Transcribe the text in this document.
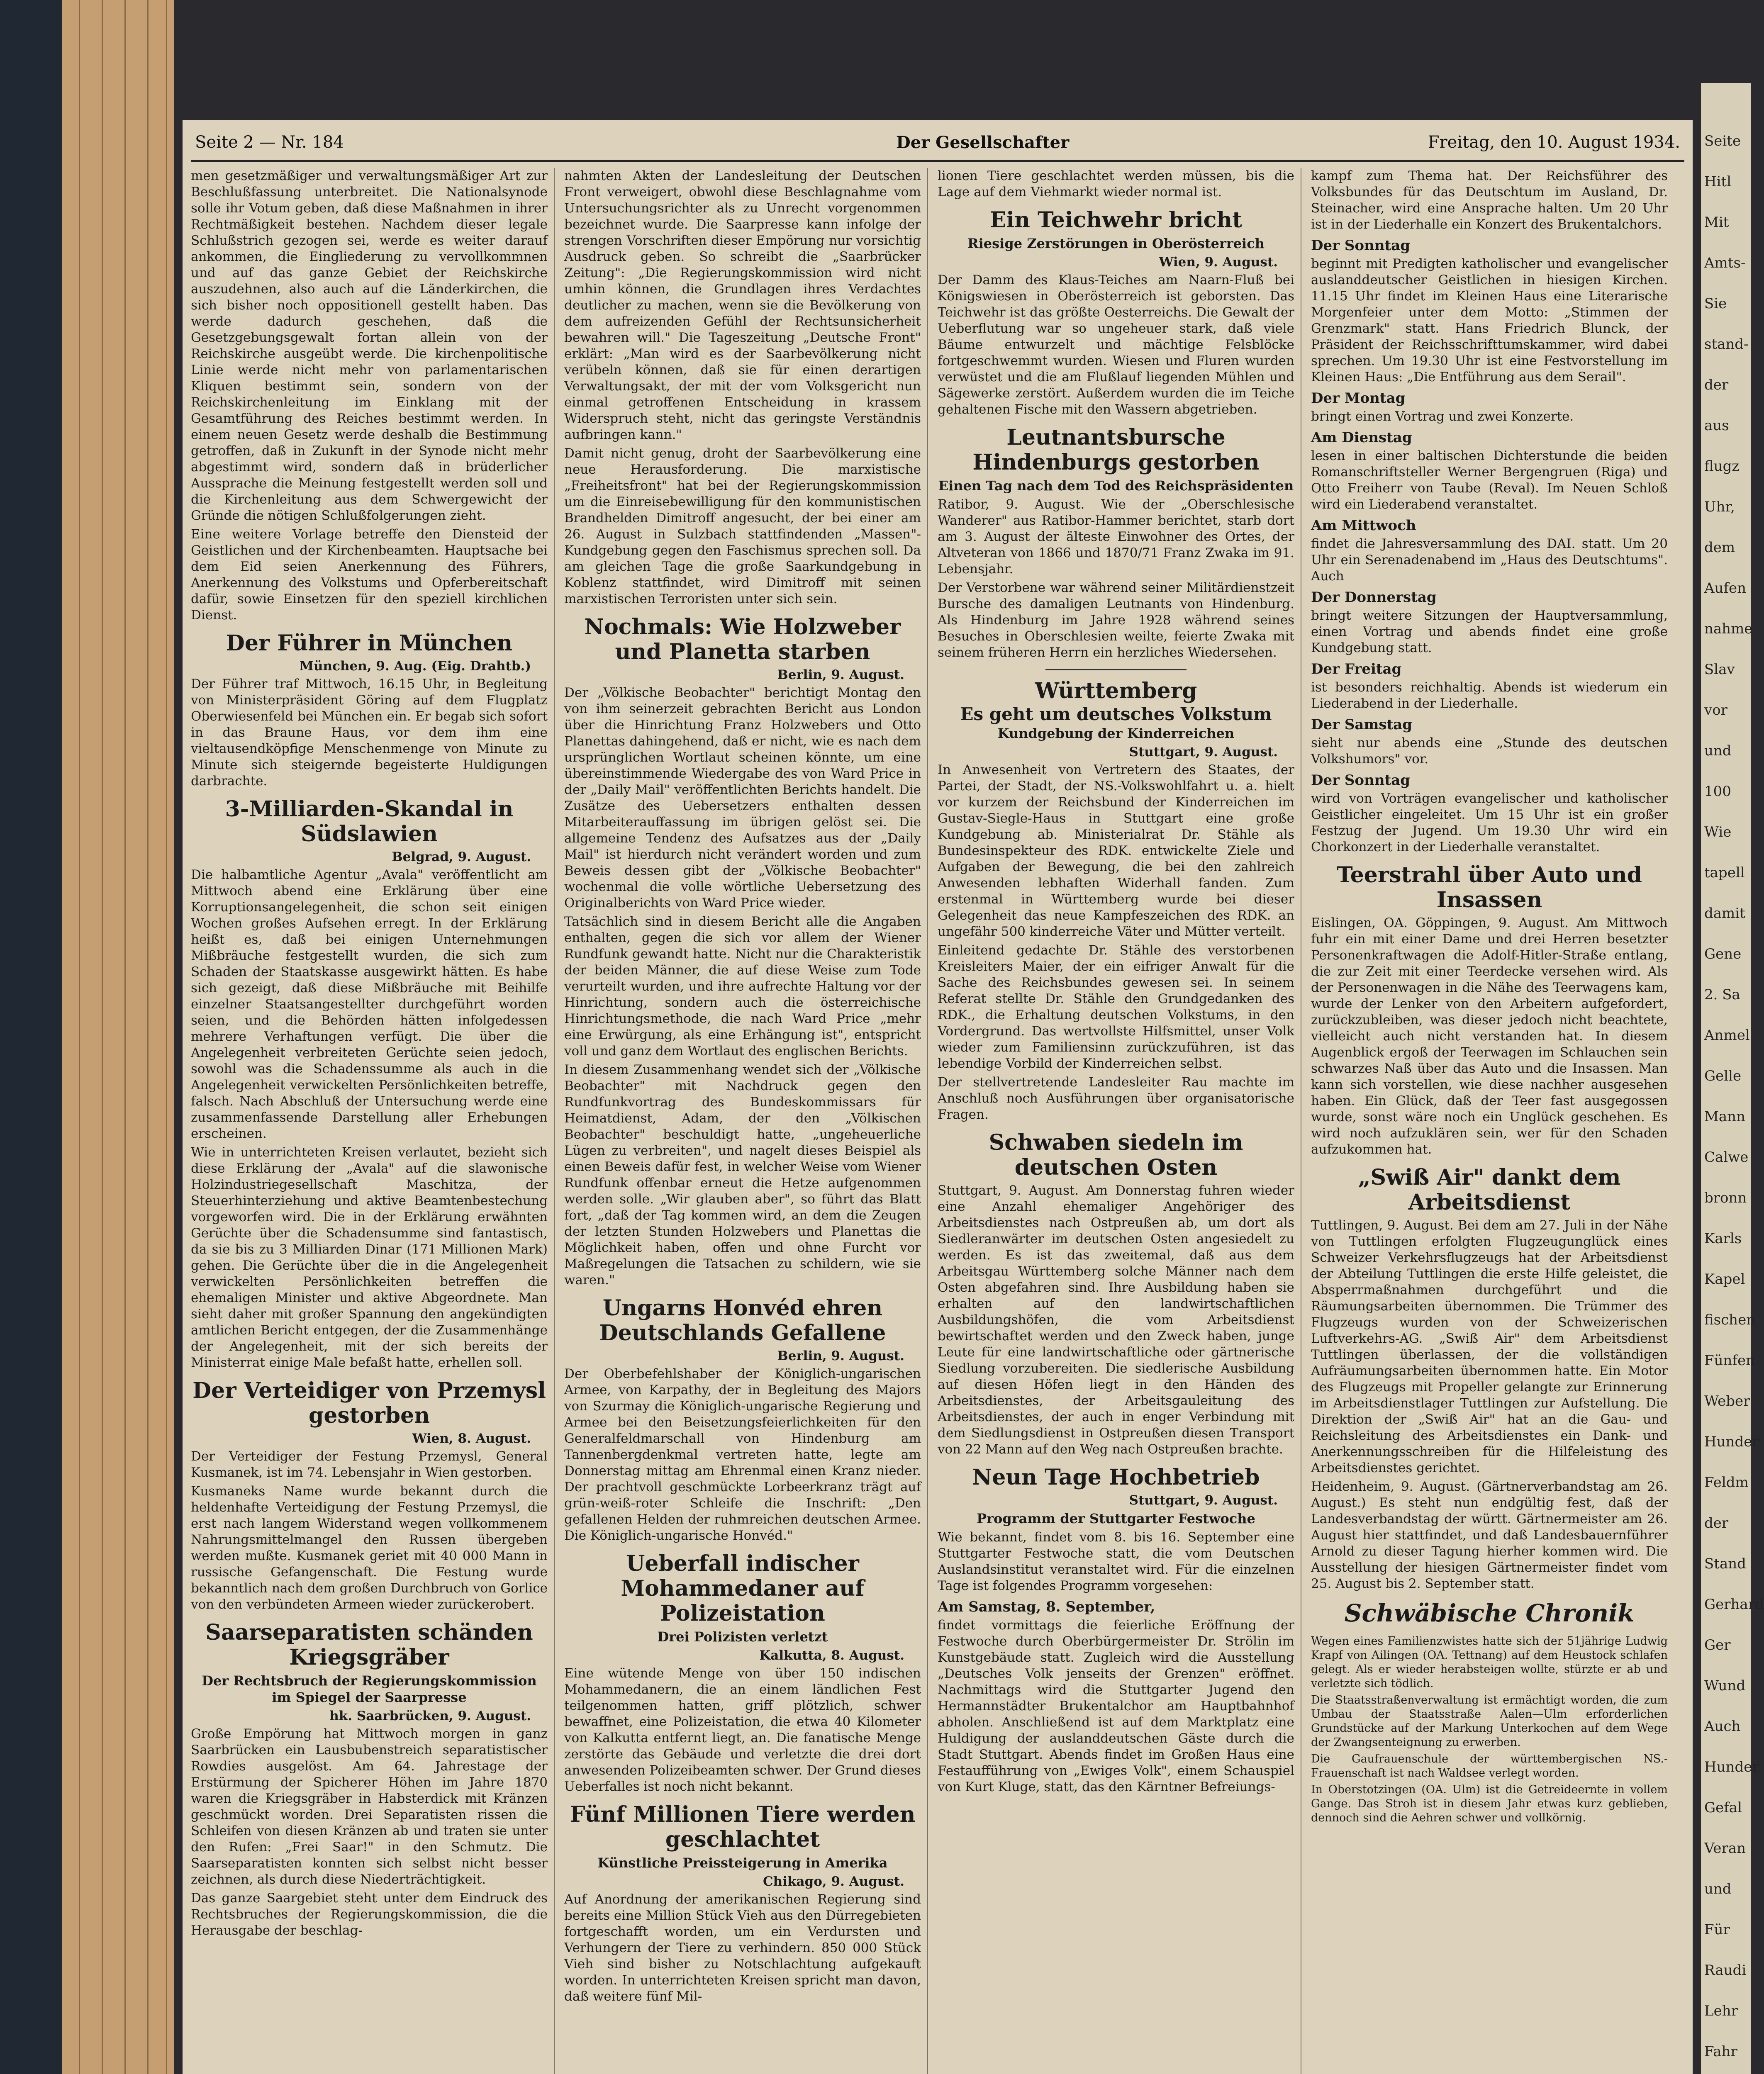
Seite 2 — Nr. 184	Der Gesellschafter	Freitag, den 10. August 1934.

men gesetzmäßiger und verwaltungsmäßiger Art zur Beschlußfassung unterbreitet. Die Nationalsynode solle ihr Votum geben, daß diese Maßnahmen in ihrer Rechtmäßigkeit bestehen. Nachdem dieser legale Schlußstrich gezogen sei, werde es weiter darauf ankommen, die Eingliederung zu vervollkommnen und auf das ganze Gebiet der Reichskirche auszudehnen, also auch auf die Länderkirchen, die sich bisher noch oppositionell gestellt haben. Das werde dadurch geschehen, daß die Gesetzgebungsgewalt fortan allein von der Reichskirche ausgeübt werde. Die kirchenpolitische Linie werde nicht mehr von parlamentarischen Kliquen bestimmt sein, sondern von der Reichskirchenleitung im Einklang mit der Gesamtführung des Reiches bestimmt werden. In einem neuen Gesetz werde deshalb die Bestimmung getroffen, daß in Zukunft in der Synode nicht mehr abgestimmt wird, sondern daß in brüderlicher Aussprache die Meinung festgestellt werden soll und die Kirchenleitung aus dem Schwergewicht der Gründe die nötigen Schlußfolgerungen zieht.

Eine weitere Vorlage betreffe den Diensteid der Geistlichen und der Kirchenbeamten. Hauptsache bei dem Eid seien Anerkennung des Führers, Anerkennung des Volkstums und Opferbereitschaft dafür, sowie Einsetzen für den speziell kirchlichen Dienst.

Der Führer in München
München, 9. Aug. (Eig. Drahtb.)

Der Führer traf Mittwoch, 16.15 Uhr, in Begleitung von Ministerpräsident Göring auf dem Flugplatz Oberwiesenfeld bei München ein. Er begab sich sofort in das Braune Haus, vor dem ihm eine vieltausendköpfige Menschenmenge von Minute zu Minute sich steigernde begeisterte Huldigungen darbrachte.

3-Milliarden-Skandal in Südslawien
Belgrad, 9. August.

Die halbamtliche Agentur „Avala" veröffentlicht am Mittwoch abend eine Erklärung über eine Korruptionsangelegenheit, die schon seit einigen Wochen großes Aufsehen erregt. In der Erklärung heißt es, daß bei einigen Unternehmungen Mißbräuche festgestellt wurden, die sich zum Schaden der Staatskasse ausgewirkt hätten. Es habe sich gezeigt, daß diese Mißbräuche mit Beihilfe einzelner Staatsangestellter durchgeführt worden seien, und die Behörden hätten infolgedessen mehrere Verhaftungen verfügt. Die über die Angelegenheit verbreiteten Gerüchte seien jedoch, sowohl was die Schadenssumme als auch in die Angelegenheit verwickelten Persönlichkeiten betreffe, falsch. Nach Abschluß der Untersuchung werde eine zusammenfassende Darstellung aller Erhebungen erscheinen.

Wie in unterrichteten Kreisen verlautet, bezieht sich diese Erklärung der „Avala" auf die slawonische Holzindustriegesellschaft Maschitza, der Steuerhinterziehung und aktive Beamtenbestechung vorgeworfen wird. Die in der Erklärung erwähnten Gerüchte über die Schadensumme sind fantastisch, da sie bis zu 3 Milliarden Dinar (171 Millionen Mark) gehen. Die Gerüchte über die in die Angelegenheit verwickelten Persönlichkeiten betreffen die ehemaligen Minister und aktive Abgeordnete. Man sieht daher mit großer Spannung den angekündigten amtlichen Bericht entgegen, der die Zusammenhänge der Angelegenheit, mit der sich bereits der Ministerrat einige Male befaßt hatte, erhellen soll.

Der Verteidiger von Przemysl gestorben
Wien, 8. August.

Der Verteidiger der Festung Przemysl, General Kusmanek, ist im 74. Lebensjahr in Wien gestorben.

Kusmaneks Name wurde bekannt durch die heldenhafte Verteidigung der Festung Przemysl, die erst nach langem Widerstand wegen vollkommenem Nahrungsmittelmangel den Russen übergeben werden mußte. Kusmanek geriet mit 40 000 Mann in russische Gefangenschaft. Die Festung wurde bekanntlich nach dem großen Durchbruch von Gorlice von den verbündeten Armeen wieder zurückerobert.

Saarseparatisten schänden Kriegsgräber
Der Rechtsbruch der Regierungskommission im Spiegel der Saarpresse
hk. Saarbrücken, 9. August.

Große Empörung hat Mittwoch morgen in ganz Saarbrücken ein Lausbubenstreich separatistischer Rowdies ausgelöst. Am 64. Jahrestage der Erstürmung der Spicherer Höhen im Jahre 1870 waren die Kriegsgräber in Habsterdick mit Kränzen geschmückt worden. Drei Separatisten rissen die Schleifen von diesen Kränzen ab und traten sie unter den Rufen: „Frei Saar!" in den Schmutz. Die Saarseparatisten konnten sich selbst nicht besser zeichnen, als durch diese Niederträchtigkeit.

Das ganze Saargebiet steht unter dem Eindruck des Rechtsbruches der Regierungskommission, die die Herausgabe der beschlag-

nahmten Akten der Landesleitung der Deutschen Front verweigert, obwohl diese Beschlagnahme vom Untersuchungsrichter als zu Unrecht vorgenommen bezeichnet wurde. Die Saarpresse kann infolge der strengen Vorschriften dieser Empörung nur vorsichtig Ausdruck geben. So schreibt die „Saarbrücker Zeitung": „Die Regierungskommission wird nicht umhin können, die Grundlagen ihres Verdachtes deutlicher zu machen, wenn sie die Bevölkerung von dem aufreizenden Gefühl der Rechtsunsicherheit bewahren will." Die Tageszeitung „Deutsche Front" erklärt: „Man wird es der Saarbevölkerung nicht verübeln können, daß sie für einen derartigen Verwaltungsakt, der mit der vom Volksgericht nun einmal getroffenen Entscheidung in krassem Widerspruch steht, nicht das geringste Verständnis aufbringen kann."

Damit nicht genug, droht der Saarbevölkerung eine neue Herausforderung. Die marxistische „Freiheitsfront" hat bei der Regierungskommission um die Einreisebewilligung für den kommunistischen Brandhelden Dimitroff angesucht, der bei einer am 26. August in Sulzbach stattfindenden „Massen"-Kundgebung gegen den Faschismus sprechen soll. Da am gleichen Tage die große Saarkundgebung in Koblenz stattfindet, wird Dimitroff mit seinen marxistischen Terroristen unter sich sein.

Nochmals: Wie Holzweber und Planetta starben
Berlin, 9. August.

Der „Völkische Beobachter" berichtigt Montag den von ihm seinerzeit gebrachten Bericht aus London über die Hinrichtung Franz Holzwebers und Otto Planettas dahingehend, daß er nicht, wie es nach dem ursprünglichen Wortlaut scheinen könnte, um eine übereinstimmende Wiedergabe des von Ward Price in der „Daily Mail" veröffentlichten Berichts handelt. Die Zusätze des Uebersetzers enthalten dessen Mitarbeiterauffassung im übrigen gelöst sei. Die allgemeine Tendenz des Aufsatzes aus der „Daily Mail" ist hierdurch nicht verändert worden und zum Beweis dessen gibt der „Völkische Beobachter" wochenmal die volle wörtliche Uebersetzung des Originalberichts von Ward Price wieder.

Tatsächlich sind in diesem Bericht alle die Angaben enthalten, gegen die sich vor allem der Wiener Rundfunk gewandt hatte. Nicht nur die Charakteristik der beiden Männer, die auf diese Weise zum Tode verurteilt wurden, und ihre aufrechte Haltung vor der Hinrichtung, sondern auch die österreichische Hinrichtungsmethode, die nach Ward Price „mehr eine Erwürgung, als eine Erhängung ist", entspricht voll und ganz dem Wortlaut des englischen Berichts.

In diesem Zusammenhang wendet sich der „Völkische Beobachter" mit Nachdruck gegen den Rundfunkvortrag des Bundeskommissars für Heimatdienst, Adam, der den „Völkischen Beobachter" beschuldigt hatte, „ungeheuerliche Lügen zu verbreiten", und nagelt dieses Beispiel als einen Beweis dafür fest, in welcher Weise vom Wiener Rundfunk offenbar erneut die Hetze aufgenommen werden solle. „Wir glauben aber", so führt das Blatt fort, „daß der Tag kommen wird, an dem die Zeugen der letzten Stunden Holzwebers und Planettas die Möglichkeit haben, offen und ohne Furcht vor Maßregelungen die Tatsachen zu schildern, wie sie waren."

Ungarns Honvéd ehren Deutschlands Gefallene
Berlin, 9. August.

Der Oberbefehlshaber der Königlich-ungarischen Armee, von Karpathy, der in Begleitung des Majors von Szurmay die Königlich-ungarische Regierung und Armee bei den Beisetzungsfeierlichkeiten für den Generalfeldmarschall von Hindenburg am Tannenbergdenkmal vertreten hatte, legte am Donnerstag mittag am Ehrenmal einen Kranz nieder. Der prachtvoll geschmückte Lorbeerkranz trägt auf grün-weiß-roter Schleife die Inschrift: „Den gefallenen Helden der ruhmreichen deutschen Armee. Die Königlich-ungarische Honvéd."

Ueberfall indischer Mohammedaner auf Polizeistation
Drei Polizisten verletzt
Kalkutta, 8. August.

Eine wütende Menge von über 150 indischen Mohammedanern, die an einem ländlichen Fest teilgenommen hatten, griff plötzlich, schwer bewaffnet, eine Polizeistation, die etwa 40 Kilometer von Kalkutta entfernt liegt, an. Die fanatische Menge zerstörte das Gebäude und verletzte die drei dort anwesenden Polizeibeamten schwer. Der Grund dieses Ueberfalles ist noch nicht bekannt.

Fünf Millionen Tiere werden geschlachtet
Künstliche Preissteigerung in Amerika
Chikago, 9. August.

Auf Anordnung der amerikanischen Regierung sind bereits eine Million Stück Vieh aus den Dürregebieten fortgeschafft worden, um ein Verdursten und Verhungern der Tiere zu verhindern. 850 000 Stück Vieh sind bisher zu Notschlachtung aufgekauft worden. In unterrichteten Kreisen spricht man davon, daß weitere fünf Mil-

lionen Tiere geschlachtet werden müssen, bis die Lage auf dem Viehmarkt wieder normal ist.

Ein Teichwehr bricht
Riesige Zerstörungen in Oberösterreich
Wien, 9. August.

Der Damm des Klaus-Teiches am Naarn-Fluß bei Königswiesen in Oberösterreich ist geborsten. Das Teichwehr ist das größte Oesterreichs. Die Gewalt der Ueberflutung war so ungeheuer stark, daß viele Bäume entwurzelt und mächtige Felsblöcke fortgeschwemmt wurden. Wiesen und Fluren wurden verwüstet und die am Flußlauf liegenden Mühlen und Sägewerke zerstört. Außerdem wurden die im Teiche gehaltenen Fische mit den Wassern abgetrieben.

Leutnantsbursche Hindenburgs gestorben
Einen Tag nach dem Tod des Reichspräsidenten

Ratibor, 9. August. Wie der „Oberschlesische Wanderer" aus Ratibor-Hammer berichtet, starb dort am 3. August der älteste Einwohner des Ortes, der Altveteran von 1866 und 1870/71 Franz Zwaka im 91. Lebensjahr.

Der Verstorbene war während seiner Militärdienstzeit Bursche des damaligen Leutnants von Hindenburg. Als Hindenburg im Jahre 1928 während seines Besuches in Oberschlesien weilte, feierte Zwaka mit seinem früheren Herrn ein herzliches Wiedersehen.

Württemberg
Es geht um deutsches Volkstum
Kundgebung der Kinderreichen
Stuttgart, 9. August.

In Anwesenheit von Vertretern des Staates, der Partei, der Stadt, der NS.-Volkswohlfahrt u. a. hielt vor kurzem der Reichsbund der Kinderreichen im Gustav-Siegle-Haus in Stuttgart eine große Kundgebung ab. Ministerialrat Dr. Stähle als Bundesinspekteur des RDK. entwickelte Ziele und Aufgaben der Bewegung, die bei den zahlreich Anwesenden lebhaften Widerhall fanden. Zum erstenmal in Württemberg wurde bei dieser Gelegenheit das neue Kampfeszeichen des RDK. an ungefähr 500 kinderreiche Väter und Mütter verteilt.

Einleitend gedachte Dr. Stähle des verstorbenen Kreisleiters Maier, der ein eifriger Anwalt für die Sache des Reichsbundes gewesen sei. In seinem Referat stellte Dr. Stähle den Grundgedanken des RDK., die Erhaltung deutschen Volkstums, in den Vordergrund. Das wertvollste Hilfsmittel, unser Volk wieder zum Familiensinn zurückzuführen, ist das lebendige Vorbild der Kinderreichen selbst.

Der stellvertretende Landesleiter Rau machte im Anschluß noch Ausführungen über organisatorische Fragen.

Schwaben siedeln im deutschen Osten

Stuttgart, 9. August. Am Donnerstag fuhren wieder eine Anzahl ehemaliger Angehöriger des Arbeitsdienstes nach Ostpreußen ab, um dort als Siedleranwärter im deutschen Osten angesiedelt zu werden. Es ist das zweitemal, daß aus dem Arbeitsgau Württemberg solche Männer nach dem Osten abgefahren sind. Ihre Ausbildung haben sie erhalten auf den landwirtschaftlichen Ausbildungshöfen, die vom Arbeitsdienst bewirtschaftet werden und den Zweck haben, junge Leute für eine landwirtschaftliche oder gärtnerische Siedlung vorzubereiten. Die siedlerische Ausbildung auf diesen Höfen liegt in den Händen des Arbeitsdienstes, der Arbeitsgauleitung des Arbeitsdienstes, der auch in enger Verbindung mit dem Siedlungsdienst in Ostpreußen diesen Transport von 22 Mann auf den Weg nach Ostpreußen brachte.

Neun Tage Hochbetrieb
Stuttgart, 9. August.
Programm der Stuttgarter Festwoche

Wie bekannt, findet vom 8. bis 16. September eine Stuttgarter Festwoche statt, die vom Deutschen Auslandsinstitut veranstaltet wird. Für die einzelnen Tage ist folgendes Programm vorgesehen:

Am Samstag, 8. September,

findet vormittags die feierliche Eröffnung der Festwoche durch Oberbürgermeister Dr. Strölin im Kunstgebäude statt. Zugleich wird die Ausstellung „Deutsches Volk jenseits der Grenzen" eröffnet. Nachmittags wird die Stuttgarter Jugend den Hermannstädter Brukentalchor am Hauptbahnhof abholen. Anschließend ist auf dem Marktplatz eine Huldigung der auslanddeutschen Gäste durch die Stadt Stuttgart. Abends findet im Großen Haus eine Festaufführung von „Ewiges Volk", einem Schauspiel von Kurt Kluge, statt, das den Kärntner Befreiungs-

kampf zum Thema hat. Der Reichsführer des Volksbundes für das Deutschtum im Ausland, Dr. Steinacher, wird eine Ansprache halten. Um 20 Uhr ist in der Liederhalle ein Konzert des Brukentalchors.

Der Sonntag

beginnt mit Predigten katholischer und evangelischer auslanddeutscher Geistlichen in hiesigen Kirchen. 11.15 Uhr findet im Kleinen Haus eine Literarische Morgenfeier unter dem Motto: „Stimmen der Grenzmark" statt. Hans Friedrich Blunck, der Präsident der Reichsschrifttumskammer, wird dabei sprechen. Um 19.30 Uhr ist eine Festvorstellung im Kleinen Haus: „Die Entführung aus dem Serail".

Der Montag

bringt einen Vortrag und zwei Konzerte.

Am Dienstag

lesen in einer baltischen Dichterstunde die beiden Romanschriftsteller Werner Bergengruen (Riga) und Otto Freiherr von Taube (Reval). Im Neuen Schloß wird ein Liederabend veranstaltet.

Am Mittwoch

findet die Jahresversammlung des DAI. statt. Um 20 Uhr ein Serenadenabend im „Haus des Deutschtums". Auch

Der Donnerstag

bringt weitere Sitzungen der Hauptversammlung, einen Vortrag und abends findet eine große Kundgebung statt.

Der Freitag

ist besonders reichhaltig. Abends ist wiederum ein Liederabend in der Liederhalle.

Der Samstag

sieht nur abends eine „Stunde des deutschen Volkshumors" vor.

Der Sonntag

wird von Vorträgen evangelischer und katholischer Geistlicher eingeleitet. Um 15 Uhr ist ein großer Festzug der Jugend. Um 19.30 Uhr wird ein Chorkonzert in der Liederhalle veranstaltet.

Teerstrahl über Auto und Insassen

Eislingen, OA. Göppingen, 9. August. Am Mittwoch fuhr ein mit einer Dame und drei Herren besetzter Personenkraftwagen die Adolf-Hitler-Straße entlang, die zur Zeit mit einer Teerdecke versehen wird. Als der Personenwagen in die Nähe des Teerwagens kam, wurde der Lenker von den Arbeitern aufgefordert, zurückzubleiben, was dieser jedoch nicht beachtete, vielleicht auch nicht verstanden hat. In diesem Augenblick ergoß der Teerwagen im Schlauchen sein schwarzes Naß über das Auto und die Insassen. Man kann sich vorstellen, wie diese nachher ausgesehen haben. Ein Glück, daß der Teer fast ausgegossen wurde, sonst wäre noch ein Unglück geschehen. Es wird noch aufzuklären sein, wer für den Schaden aufzukommen hat.

„Swiß Air" dankt dem Arbeitsdienst

Tuttlingen, 9. August. Bei dem am 27. Juli in der Nähe von Tuttlingen erfolgten Flugzeugunglück eines Schweizer Verkehrsflugzeugs hat der Arbeitsdienst der Abteilung Tuttlingen die erste Hilfe geleistet, die Absperrmaßnahmen durchgeführt und die Räumungsarbeiten übernommen. Die Trümmer des Flugzeugs wurden von der Schweizerischen Luftverkehrs-AG. „Swiß Air" dem Arbeitsdienst Tuttlingen überlassen, der die vollständigen Aufräumungsarbeiten übernommen hatte. Ein Motor des Flugzeugs mit Propeller gelangte zur Erinnerung im Arbeitsdienstlager Tuttlingen zur Aufstellung. Die Direktion der „Swiß Air" hat an die Gau- und Reichsleitung des Arbeitsdienstes ein Dank- und Anerkennungsschreiben für die Hilfeleistung des Arbeitsdienstes gerichtet.

Heidenheim, 9. August. (Gärtnerverbandstag am 26. August.) Es steht nun endgültig fest, daß der Landesverbandstag der württ. Gärtnermeister am 26. August hier stattfindet, und daß Landesbauernführer Arnold zu dieser Tagung hierher kommen wird. Die Ausstellung der hiesigen Gärtnermeister findet vom 25. August bis 2. September statt.

Schwäbische Chronik

Wegen eines Familienzwistes hatte sich der 51jährige Ludwig Krapf von Ailingen (OA. Tettnang) auf dem Heustock schlafen gelegt. Als er wieder herabsteigen wollte, stürzte er ab und verletzte sich tödlich.

Die Staatsstraßenverwaltung ist ermächtigt worden, die zum Umbau der Staatsstraße Aalen—Ulm erforderlichen Grundstücke auf der Markung Unterkochen auf dem Wege der Zwangsenteignung zu erwerben.

Die Gaufrauenschule der württembergischen NS.-Frauenschaft ist nach Waldsee verlegt worden.

In Oberstotzingen (OA. Ulm) ist die Getreideernte in vollem Gange. Das Stroh ist in diesem Jahr etwas kurz geblieben, dennoch sind die Aehren schwer und vollkörnig.

Seite
Hitl
Mit
Amts-
Sie
stand-
der
aus
flugz
Uhr,
dem
Aufen
nahme
Slav
vor
und
100
Wie
tapell
damit
Gene
2. Sa
Anmel
Gelle
Mann
Calwe
bronn
Karls
Kapel
fischen
Fünfen
Weber
Hunder
Feldm
der
Stand
Gerhard
Ger
Wund
Auch
Hunder
Gefal
Veran
und
Für
Raudi
Lehr
Fahr
